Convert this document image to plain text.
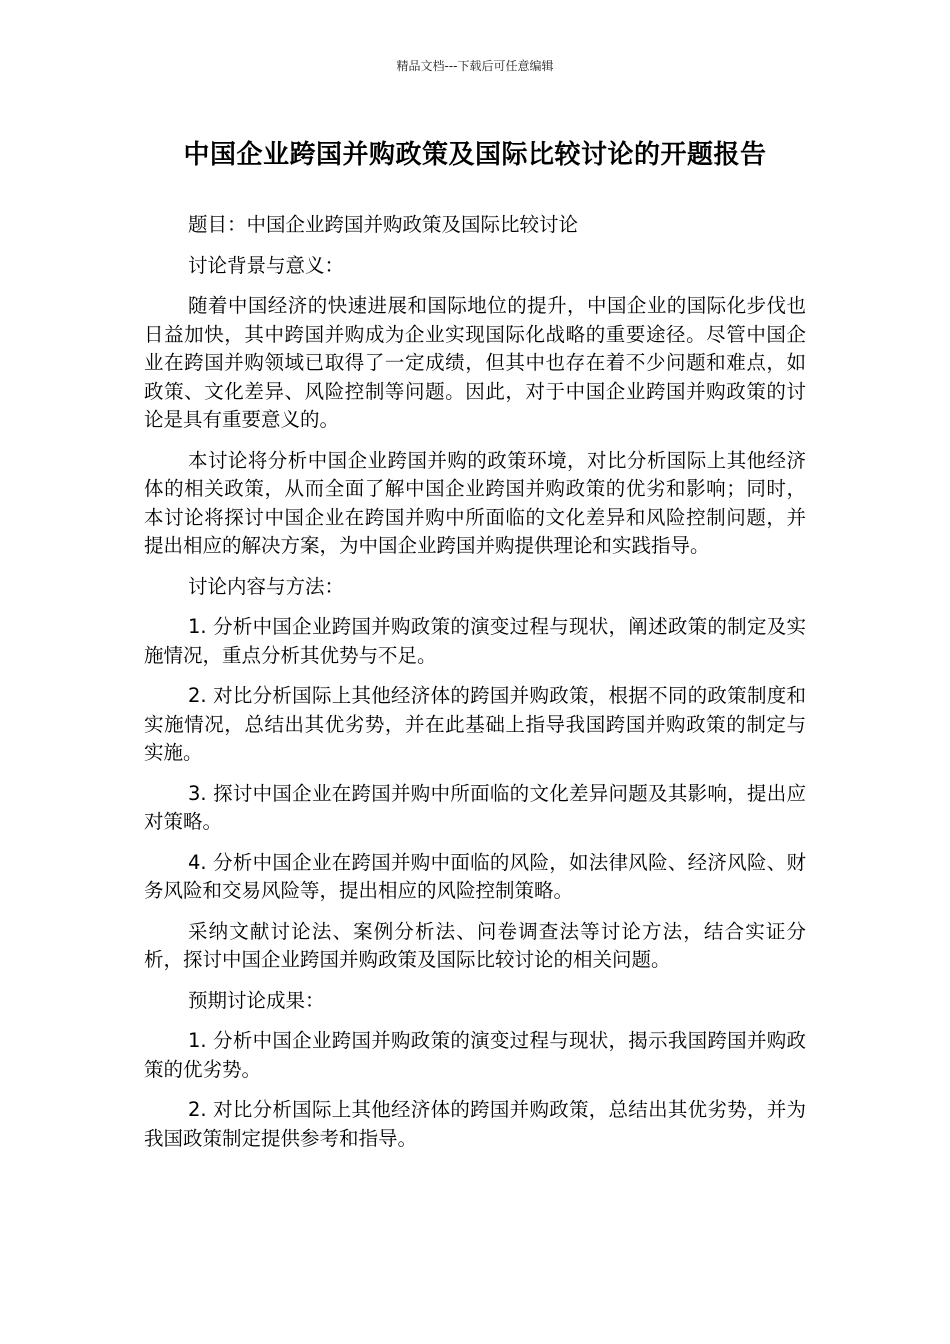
精品文档---下载后可任意编辑
中国企业跨国并购政策及国际比较讨论的开题报告

题目：中国企业跨国并购政策及国际比较讨论

讨论背景与意义：

随着中国经济的快速进展和国际地位的提升，中国企业的国际化步伐也日益加快，其中跨国并购成为企业实现国际化战略的重要途径。尽管中国企业在跨国并购领域已取得了一定成绩，但其中也存在着不少问题和难点，如政策、文化差异、风险控制等问题。因此，对于中国企业跨国并购政策的讨论是具有重要意义的。

本讨论将分析中国企业跨国并购的政策环境，对比分析国际上其他经济体的相关政策，从而全面了解中国企业跨国并购政策的优劣和影响；同时，本讨论将探讨中国企业在跨国并购中所面临的文化差异和风险控制问题，并提出相应的解决方案，为中国企业跨国并购提供理论和实践指导。

讨论内容与方法：

1. 分析中国企业跨国并购政策的演变过程与现状，阐述政策的制定及实施情况，重点分析其优势与不足。

2. 对比分析国际上其他经济体的跨国并购政策，根据不同的政策制度和实施情况，总结出其优劣势，并在此基础上指导我国跨国并购政策的制定与实施。

3. 探讨中国企业在跨国并购中所面临的文化差异问题及其影响，提出应对策略。

4. 分析中国企业在跨国并购中面临的风险，如法律风险、经济风险、财务风险和交易风险等，提出相应的风险控制策略。

采纳文献讨论法、案例分析法、问卷调查法等讨论方法，结合实证分析，探讨中国企业跨国并购政策及国际比较讨论的相关问题。

预期讨论成果：

1. 分析中国企业跨国并购政策的演变过程与现状，揭示我国跨国并购政策的优劣势。

2. 对比分析国际上其他经济体的跨国并购政策，总结出其优劣势，并为我国政策制定提供参考和指导。
